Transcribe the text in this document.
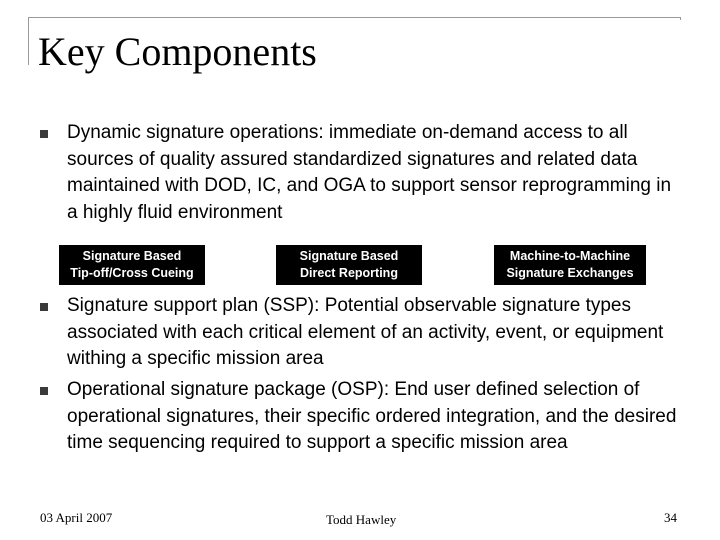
Key Components
Dynamic signature operations: immediate on-demand access to all sources of quality assured standardized signatures and related data maintained with DOD, IC, and OGA to support sensor reprogramming in a highly fluid environment
Signature Based
Tip-off/Cross Cueing
Signature Based
Direct Reporting
Machine-to-Machine
Signature Exchanges
Signature support plan (SSP): Potential observable signature types associated with each critical element of an activity, event, or equipment withing a specific mission area
Operational signature package (OSP): End user defined selection of operational signatures, their specific ordered integration, and the desired time sequencing required to support a specific mission area
03 April 2007	Todd Hawley	34
